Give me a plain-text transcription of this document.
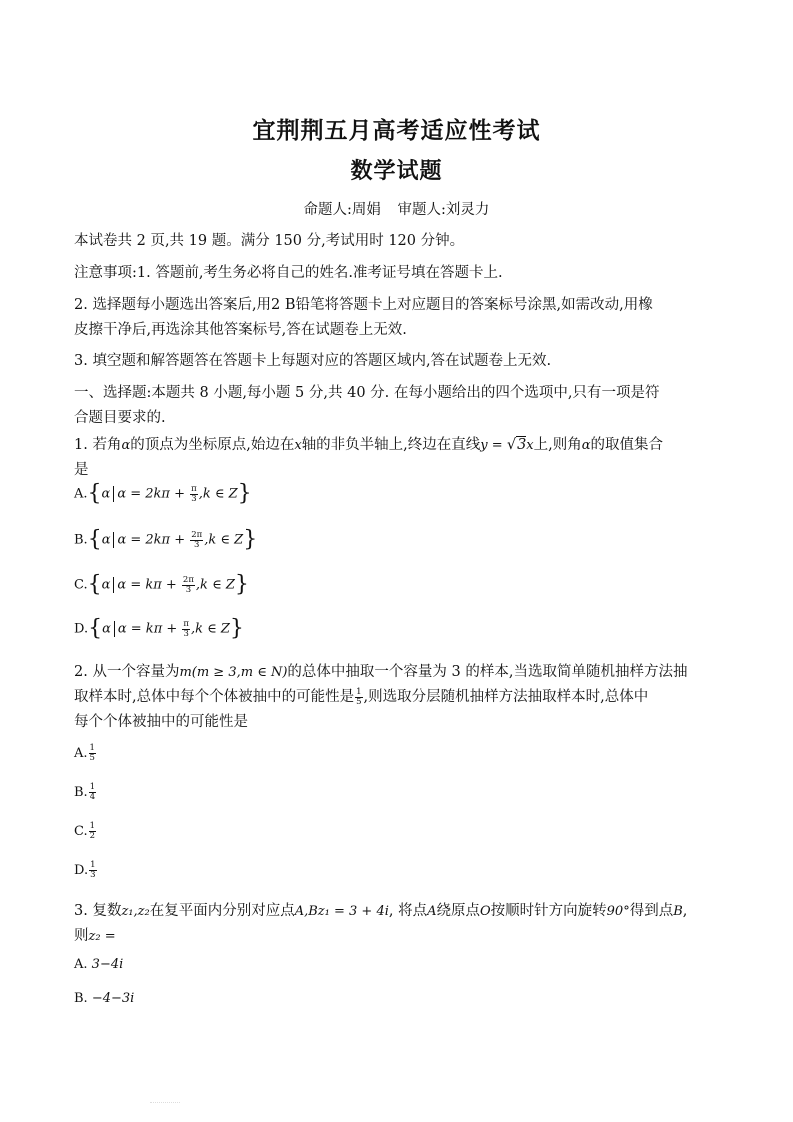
宜荆荆五月高考适应性考试
数学试题
命题人:周娟 审题人:刘灵力
本试卷共 2 页,共 19 题。满分 150 分,考试用时 120 分钟。
注意事项:1. 答题前,考生务必将自己的姓名.准考证号填在答题卡上.
2. 选择题每小题选出答案后,用2 B铅笔将答题卡上对应题目的答案标号涂黑,如需改动,用橡
皮擦干净后,再选涂其他答案标号,答在试题卷上无效.
3. 填空题和解答题答在答题卡上每题对应的答题区域内,答在试题卷上无效.
一、选择题:本题共 8 小题,每小题 5 分,共 40 分. 在每小题给出的四个选项中,只有一项是符
合题目要求的.
1. 若角α的顶点为坐标原点,始边在x轴的非负半轴上,终边在直线y = √3x上,则角α的取值集合
是
A.{α $\alpha = 2k\pi + \frac{\pi}{3} ,k$ ∈ Z}
B.{α $\alpha = 2k\pi + \frac{2\pi}{3} ,k$ ∈ Z}
C.{α $\alpha = k\pi + \frac{2\pi}{3} ,k$ ∈ Z}
D.{α $\alpha = k\pi + \frac{\pi}{3} ,k$ ∈ Z}
2. 从一个容量为m(m ≥ 3,m ∈ N)的总体中抽取一个容量为 3 的样本,当选取简单随机抽样方法抽
取样本时,总体中每个个体被抽中的可能性是 $\frac{1}{5}$ ,则选取分层随机抽样方法抽取样本时,总体中
每个个体被抽中的可能性是
A. $\frac{1}{5}$
B. $\frac{1}{4}$
C. $\frac{1}{2}$
D. $\frac{1}{3}$
3. 复数z₁,z₂在复平面内分别对应点A,Bz₁ = 3 + 4i, 将点A绕原点O按顺时针方向旋转90°得到点B,
则z₂ =
A. 3−4i
B. −4−3i
